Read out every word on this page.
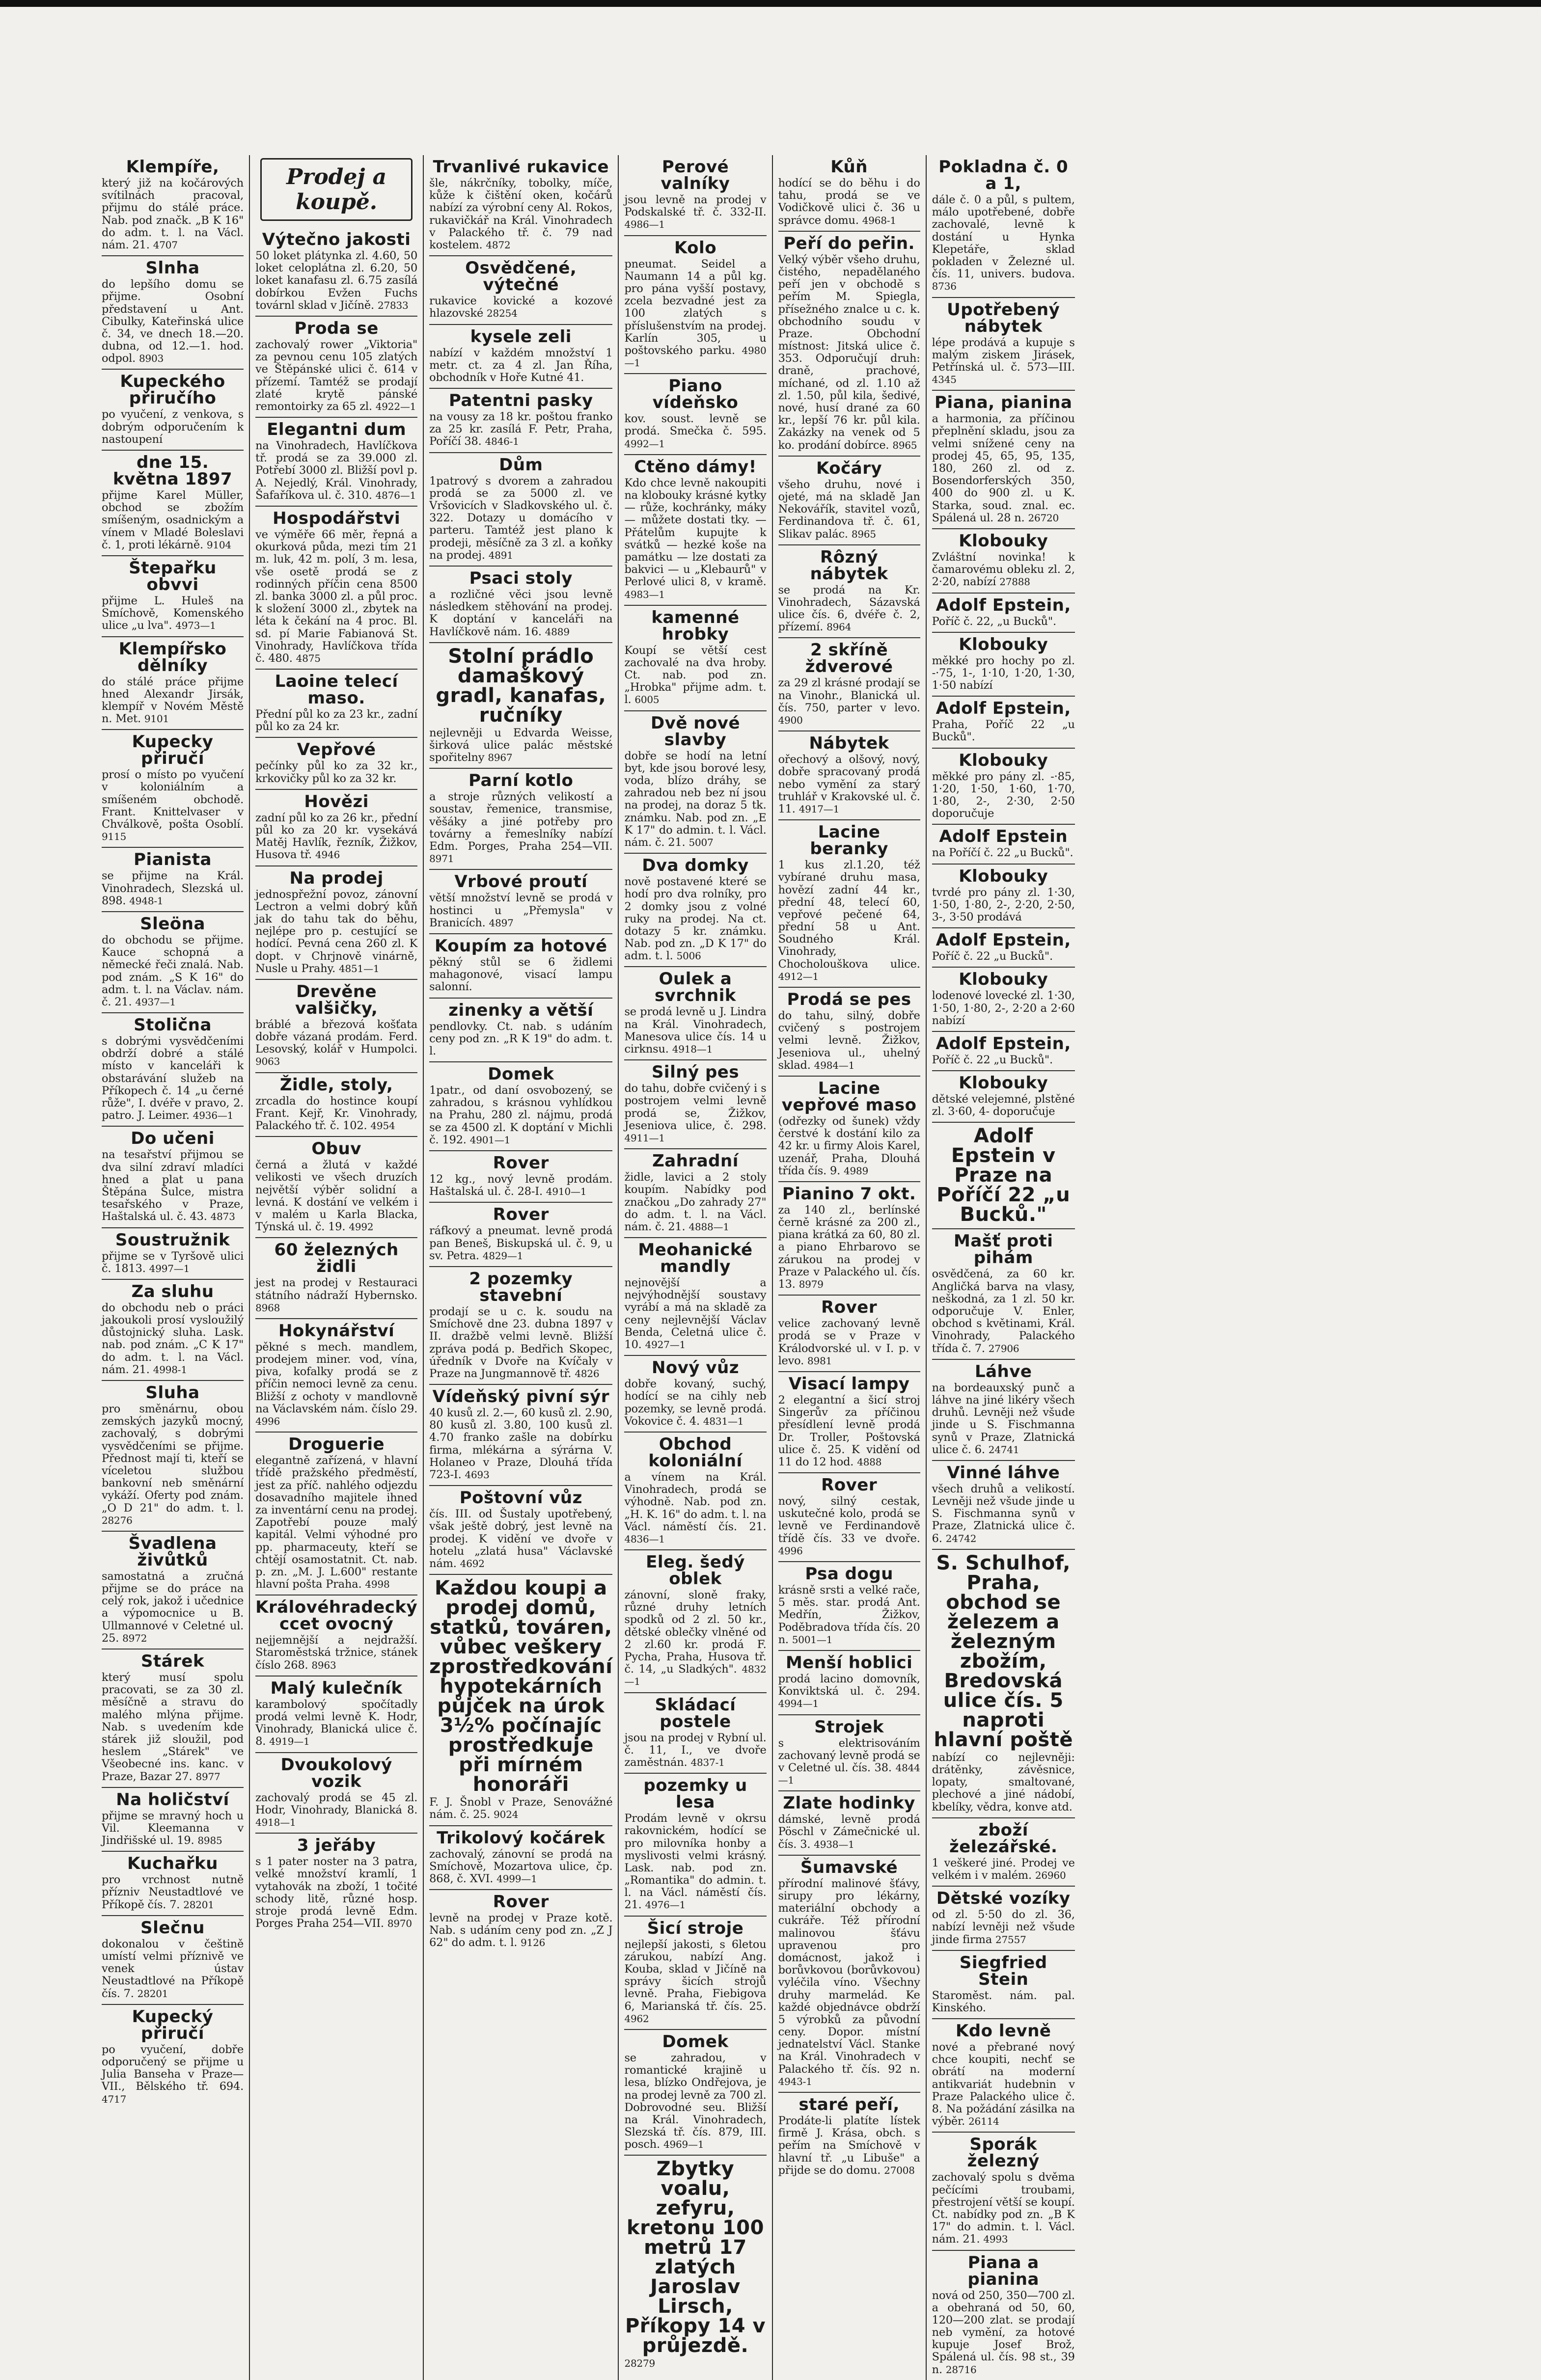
Klempíře,

který již na kočárových svítilnách pracoval, přijmu do stálé práce. Nab. pod značk. „B K 16" do adm. t. l. na Václ. nám. 21. 4707

Slnha

do lepšího domu se přijme. Osobní představení u Ant. Cibulky, Kateřinská ulice č. 34, ve dnech 18.—20. dubna, od 12.—1. hod. odpol. 8903

Kupeckého přiručího

po vyučení, z venkova, s dobrým odporučením k nastoupení

dne 15. května 1897

přijme Karel Müller, obchod se zbožím smíšeným, osadnickým a vínem v Mladé Boleslavi č. 1, proti lékárně. 9104

Štepařku obvvi

přijme L. Huleš na Smíchově, Komenského ulice „u lva". 4973—1

Klempířsko dělníky

do stálé práce přijme hned Alexandr Jirsák, klempíř v Novém Městě n. Met. 9101

Kupecky přiručí

prosí o místo po vyučení v koloniálním a smíšeném obchodě. Frant. Knittelvaser v Chválkově, pošta Osoblí. 9115

Pianista

se přijme na Král. Vinohradech, Slezská ul. 898. 4948-1

Sleöna

do obchodu se přijme. Kauce schopná a německé řeči znalá. Nab. pod znám. „S K 16" do adm. t. l. na Václav. nám. č. 21. 4937—1

Stolična

s dobrými vysvědčeními obdrží dobré a stálé místo v kanceláři k obstarávání služeb na Příkopech č. 14 „u černé růže", I. dvéře v pravo, 2. patro. J. Leimer. 4936—1

Do učeni

na tesařství přijmou se dva silní zdraví mladíci hned a plat u pana Štěpána Šulce, mistra tesařského v Praze, Haštalská ul. č. 43. 4873

Soustružnik

přijme se v Tyršově ulici č. 1813. 4997—1

Za sluhu

do obchodu neb o práci jakoukoli prosí vysloužilý důstojnický sluha. Lask. nab. pod znám. „C K 17" do adm. t. l. na Václ. nám. 21. 4998-1

Sluha

pro směnárnu, obou zemských jazyků mocný, zachovalý, s dobrými vysvědčeními se přijme. Přednost mají ti, kteří se víceletou službou bankovní neb směnární vykáží. Oferty pod znám. „O D 21" do adm. t. l. 28276

Švadlena živůtků

samostatná a zručná přijme se do práce na celý rok, jakož i učednice a výpomocnice u B. Ullmannové v Celetné ul. 25. 8972

Stárek

který musí spolu pracovati, se za 30 zl. měsíčně a stravu do malého mlýna přijme. Nab. s uvedením kde stárek již sloužil, pod heslem „Stárek" ve Všeobecné ins. kanc. v Praze, Bazar 27. 8977

Na holičství

přijme se mravný hoch u Vil. Kleemanna v Jindřišské ul. 19. 8985

Kuchařku

pro vrchnost nutně přízniv Neustadtlové ve Příkopě čís. 7. 28201

Slečnu

dokonalou v češtině umístí velmi příznivě ve venek ústav Neustadtlové na Příkopě čís. 7. 28201

Kupecký přiručí

po vyučení, dobře odporučený se přijme u Julia Banseha v Praze—VII., Bělského tř. 694. 4717

Prodej a koupě.
Výtečno jakosti

50 loket plátynka zl. 4.60, 50 loket celoplátna zl. 6.20, 50 loket kanafasu zl. 6.75 zasílá dobírkou Evžen Fuchs továrnl sklad v Jičíně. 27833

Proda se

zachovalý rower „Viktoria" za pevnou cenu 105 zlatých ve Štěpánské ulici č. 614 v přízemí. Tamtéž se prodají zlaté krytě pánské remontoirky za 65 zl. 4922—1

Elegantni dum

na Vinohradech, Havlíčkova tř. prodá se za 39.000 zl. Potřebí 3000 zl. Bližší povl p. A. Nejedlý, Král. Vinohrady, Šafaříkova ul. č. 310. 4876—1

Hospodářstvi

ve výměře 66 měr, řepná a okurková půda, mezi tím 21 m. luk, 42 m. polí, 3 m. lesa, vše osetě prodá se z rodinných příčin cena 8500 zl. banka 3000 zl. a půl proc. k složení 3000 zl., zbytek na léta k čekání na 4 proc. Bl. sd. pí Marie Fabianová St. Vinohrady, Havlíčkova třída č. 480. 4875

Laoine telecí maso.

Přední půl ko za 23 kr., zadní půl ko za 24 kr.

Vepřové

pečínky půl ko za 32 kr., krkovičky půl ko za 32 kr.

Hovězi

zadní půl ko za 26 kr., přední půl ko za 20 kr. vysekává Matěj Havlík, řezník, Žižkov, Husova tř. 4946

Na prodej

jednospřežní povoz, zánovní Lectron a velmi dobrý kůň jak do tahu tak do běhu, nejlépe pro p. cestující se hodící. Pevná cena 260 zl. K dopt. v Chrjnově vinárně, Nusle u Prahy. 4851—1

Drevěne valšičky,

bráblé a březová košťata dobře vázaná prodám. Ferd. Lesovský, kolář v Humpolci. 9063

Židle, stoly,

zrcadla do hostince koupí Frant. Kejř, Kr. Vinohrady, Palackého tř. č. 102. 4954

Obuv

černá a žlutá v každé velikosti ve všech druzích největší výběr solidní a levná. K dostání ve velkém i v malém u Karla Blacka, Týnská ul. č. 19. 4992

60 železných židli

jest na prodej v Restauraci státního nádraží Hybernsko. 8968

Hokynářství

pěkné s mech. mandlem, prodejem miner. vod, vína, piva, kofalky prodá se z příčin nemoci levně za cenu. Bližší z ochoty v mandlovně na Václavském nám. číslo 29. 4996

Droguerie

elegantně zařízená, v hlavní třídě pražského předměstí, jest za příč. nahlého odjezdu dosavadního majitele ihned za inventární cenu na prodej. Zapotřebí pouze malý kapitál. Velmi výhodné pro pp. pharmaceuty, kteří se chtějí osamostatnit. Ct. nab. p. zn. „M. J. L.600" restante hlavní pošta Praha. 4998

Královéhradecký ccet ovocný

nejjemnější a nejdražší. Staroměstská tržnice, stánek číslo 268. 8963

Malý kulečník

karambolový spočítadly prodá velmi levně K. Hodr, Vinohrady, Blanická ulice č. 8. 4919—1

Dvoukolový vozik

zachovalý prodá se 45 zl. Hodr, Vinohrady, Blanická 8. 4918—1

3 jeřáby

s 1 pater noster na 3 patra, velké množství kramlí, 1 vytahovák na zboží, 1 točité schody litě, různé hosp. stroje prodá levně Edm. Porges Praha 254—VII. 8970

Trvanlivé rukavice

šle, nákrčníky, tobolky, míče, kůže k čištění oken, kočárů nabízí za výrobní ceny Al. Rokos, rukavičkář na Král. Vinohradech v Palackého tř. č. 79 nad kostelem. 4872

Osvědčené, výtečné

rukavice kovické a kozové hlazovské 28254

kysele zeli

nabízí v každém množství 1 metr. ct. za 4 zl. Jan Říha, obchodník v Hoře Kutné 41.

Patentni pasky

na vousy za 18 kr. poštou franko za 25 kr. zasílá F. Petr, Praha, Poříčí 38. 4846-1

Dům

1patrový s dvorem a zahradou prodá se za 5000 zl. ve Vršovicích v Sladkovského ul. č. 322. Dotazy u domácího v parteru. Tamtéž jest plano k prodeji, měsíčně za 3 zl. a koňky na prodej. 4891

Psaci stoly

a rozličné věci jsou levně následkem stěhování na prodej. K doptání v kanceláři na Havlíčkově nám. 16. 4889

Stolní prádlo damaškový gradl, kanafas, ručníky

nejlevněji u Edvarda Weisse, širková ulice palác městské spořitelny 8967

Parní kotlo

a stroje různých velikostí a soustav, řemenice, transmise, věšáky a jiné potřeby pro továrny a řemeslníky nabízí Edm. Porges, Praha 254—VII. 8971

Vrbové proutí

větší množství levně se prodá v hostinci u „Přemysla" v Branicích. 4897

Koupím za hotové

pěkný stůl se 6 židlemi mahagonové, visací lampu salonní.

zinenky a větší

pendlovky. Ct. nab. s udáním ceny pod zn. „R K 19" do adm. t. l.

Domek

1patr., od daní osvobozený, se zahradou, s krásnou vyhlídkou na Prahu, 280 zl. nájmu, prodá se za 4500 zl. K doptání v Michli č. 192. 4901—1

Rover

12 kg., nový levně prodám. Haštalská ul. č. 28-I. 4910—1

Rover

ráfkový a pneumat. levně prodá pan Beneš, Biskupská ul. č. 9, u sv. Petra. 4829—1

2 pozemky stavební

prodají se u c. k. soudu na Smíchově dne 23. dubna 1897 v II. dražbě velmi levně. Bližší zpráva podá p. Bedřich Skopec, úředník v Dvoře na Kvíčaly v Praze na Jungmannově tř. 4826

Vídeňský pivní sýr

40 kusů zl. 2.—, 60 kusů zl. 2.90, 80 kusů zl. 3.80, 100 kusů zl. 4.70 franko zašle na dobírku firma, mlékárna a sýrárna V. Holaneo v Praze, Dlouhá třída 723-I. 4693

Poštovní vůz

čís. III. od Šustaly upotřebený, však ještě dobrý, jest levně na prodej. K vidění ve dvoře v hotelu „zlatá husa" Václavské nám. 4692

Každou koupi a prodej domů, statků, továren, vůbec veškery zprostředkování hypotekárních půjček na úrok 3½% počínajíc prostředkuje při mírném honoráři

F. J. Šnobl v Praze, Senovážné nám. č. 25. 9024

Trikolový kočárek

zachovalý, zánovní se prodá na Smíchově, Mozartova ulice, čp. 868, č. XVI. 4999—1

Rover

levně na prodej v Praze kotě. Nab. s udáním ceny pod zn. „Z J 62" do adm. t. l. 9126

Perové valníky

jsou levně na prodej v Podskalské tř. č. 332-II. 4986—1

Kolo

pneumat. Seidel a Naumann 14 a půl kg. pro pána vyšší postavy, zcela bezvadné jest za 100 zlatých s příslušenstvím na prodej. Karlín 305, u poštovského parku. 4980—1

Piano vídeňsko

kov. soust. levně se prodá. Smečka č. 595. 4992—1

Ctěno dámy!

Kdo chce levně nakoupiti na klobouky krásné kytky — růže, kochránky, máky — můžete dostati tky. — Přátelům kupujte k svátků — hezké koše na památku — lze dostati za bakvici — u „Klebaurů" v Perlové ulici 8, v kramě. 4983—1

kamenné hrobky

Koupí se větší cest zachovalé na dva hroby. Ct. nab. pod zn. „Hrobka" přijme adm. t. l. 6005

Dvě nové slavby

dobře se hodí na letní byt, kde jsou borové lesy, voda, blízo dráhy, se zahradou neb bez ní jsou na prodej, na doraz 5 tk. známku. Nab. pod zn. „E K 17" do admin. t. l. Václ. nám. č. 21. 5007

Dva domky

nově postavené které se hodí pro dva rolníky, pro 2 domky jsou z volné ruky na prodej. Na ct. dotazy 5 kr. známku. Nab. pod zn. „D K 17" do adm. t. l. 5006

Oulek a svrchnik

se prodá levně u J. Lindra na Král. Vinohradech, Manesova ulice čís. 14 u cirknsu. 4918—1

Silný pes

do tahu, dobře cvičený i s postrojem velmi levně prodá se, Žižkov, Jeseniova ulice, č. 298. 4911—1

Zahradní

židle, lavici a 2 stoly koupím. Nabídky pod značkou „Do zahrady 27" do adm. t. l. na Václ. nám. č. 21. 4888—1

Meohanické mandly

nejnovější a nejvýhodnější soustavy vyrábí a má na skladě za ceny nejlevnější Václav Benda, Celetná ulice č. 10. 4927—1

Nový vůz

dobře kovaný, suchý, hodící se na cihly neb pozemky, se levně prodá. Vokovice č. 4. 4831—1

Obchod koloniální

a vínem na Král. Vinohradech, prodá se výhodně. Nab. pod zn. „H. K. 16" do adm. t. l. na Václ. náměstí čís. 21. 4836—1

Eleg. šedý oblek

zánovní, sloně fraky, různé druhy letních spodků od 2 zl. 50 kr., dětské oblečky vlněné od 2 zl.60 kr. prodá F. Pycha, Praha, Husova tř. č. 14, „u Sladkých". 4832—1

Skládací postele

jsou na prodej v Rybní ul. č. 11, I., ve dvoře zaměstnán. 4837-1

pozemky u lesa

Prodám levně v okrsu rakovnickém, hodící se pro milovníka honby a myslivosti velmi krásný. Lask. nab. pod zn. „Romantika" do admin. t. l. na Václ. náměstí čís. 21. 4976—1

Šicí stroje

nejlepší jakosti, s 6letou zárukou, nabízí Ang. Kouba, sklad v Jičíně na správy šicích strojů levně. Praha, Fiebigova 6, Marianská tř. čís. 25. 4962

Domek

se zahradou, v romantické krajině u lesa, blízko Ondřejova, je na prodej levně za 700 zl. Dobrovodné seu. Bližší na Král. Vinohradech, Slezská tř. čís. 879, III. posch. 4969—1

Zbytky voalu, zefyru, kretonu 100 metrů 17 zlatých Jaroslav Lirsch, Příkopy 14 v průjezdě.

28279

Kůň

hodící se do běhu i do tahu, prodá se ve Vodičkově ulici č. 36 u správce domu. 4968-1

Peří do peřin.

Velký výběr všeho druhu, čistého, nepadělaného peří jen v obchodě s peřím M. Spiegla, přísežného znalce u c. k. obchodního soudu v Praze. Obchodní místnost: Jitská ulice č. 353. Odporučují druh: draně, prachové, míchané, od zl. 1.10 až zl. 1.50, půl kila, šedivé, nové, husí drané za 60 kr., lepší 76 kr. půl kila. Zakázky na venek od 5 ko. prodání dobírce. 8965

Kočáry

všeho druhu, nové i ojeté, má na skladě Jan Nekovářík, stavitel vozů, Ferdinandova tř. č. 61, Slikav palác. 8965

Rôzný nábytek

se prodá na Kr. Vinohradech, Sázavská ulice čís. 6, dvéře č. 2, přízemí. 8964

2 skříně ždverové

za 29 zl krásné prodají se na Vinohr., Blanická ul. čís. 750, parter v levo. 4900

Nábytek

ořechový a olšový, nový, dobře spracovaný prodá nebo vymění za starý truhlář v Krakovské ul. č. 11. 4917—1

Lacine beranky

1 kus zl.1.20, též vybírané druhu masa, hovězí zadní 44 kr., přední 48, telecí 60, vepřové pečené 64, přední 58 u Ant. Soudného Král. Vinohrady, Chocholouškova ulice. 4912—1

Prodá se pes

do tahu, silný, dobře cvičený s postrojem velmi levně. Žižkov, Jeseniova ul., uhelný sklad. 4984—1

Lacine vepřové maso

(odřezky od šunek) vždy čerstvé k dostání kilo za 42 kr. u firmy Alois Karel, uzenář, Praha, Dlouhá třída čís. 9. 4989

Pianino 7 okt.

za 140 zl., berlínské černě krásné za 200 zl., piana krátká za 60, 80 zl. a piano Ehrbarovo se zárukou na prodej v Praze v Palackého ul. čís. 13. 8979

Rover

velice zachovaný levně prodá se v Praze v Králodvorské ul. v I. p. v levo. 8981

Visací lampy

2 elegantní a šicí stroj Singerův za příčinou přesídlení levně prodá Dr. Troller, Poštovská ulice č. 25. K vidění od 11 do 12 hod. 4888

Rover

nový, silný cestak, uskutečné kolo, prodá se levně ve Ferdinandově třídě čís. 33 ve dvoře. 4996

Psa dogu

krásně srsti a velké rače, 5 měs. star. prodá Ant. Medřín, Žižkov, Poděbradova třída čís. 20 n. 5001—1

Menší hoblici

prodá lacino domovník, Konviktská ul. č. 294. 4994—1

Strojek

s elektrisováním zachovaný levně prodá se v Celetné ul. čís. 38. 4844—1

Zlate hodinky

dámské, levně prodá Pöschl v Zámečnické ul. čís. 3. 4938—1

Šumavské

přírodní malinové šťávy, sirupy pro lékárny, materiální obchody a cukráře. Též přírodní malinovou šťávu upravenou pro domácnost, jakož i borůvkovou (borůvkovou) vyléčila víno. Všechny druhy marmelád. Ke každé objednávce obdrží 5 výrobků za původní ceny. Dopor. místní jednatelství Václ. Stanke na Král. Vinohradech v Palackého tř. čís. 92 n. 4943-1

staré peří,

Prodáte-li platíte lístek firmě J. Krása, obch. s peřím na Smíchově v hlavní tř. „u Libuše" a přijde se do domu. 27008

Pokladna č. 0 a 1,

dále č. 0 a půl, s pultem, málo upotřebené, dobře zachovalé, levně k dostání u Hynka Klepetáře, sklad pokladen v Železné ul. čís. 11, univers. budova. 8736

Upotřebený nábytek

lépe prodává a kupuje s malým ziskem Jirásek, Petřínská ul. č. 573—III. 4345

Piana, pianina

a harmonia, za příčinou přeplnění skladu, jsou za velmi snížené ceny na prodej 45, 65, 95, 135, 180, 260 zl. od z. Bosendorferských 350, 400 do 900 zl. u K. Starka, soud. znal. ec. Spálená ul. 28 n. 26720

Klobouky

Zvláštní novinka! k čamarovému obleku zl. 2, 2·20, nabízí 27888

Adolf Epstein,

Poříč č. 22, „u Bucků".

Klobouky

měkké pro hochy po zl. -·75, 1-, 1·10, 1·20, 1·30, 1·50 nabízí

Adolf Epstein,

Praha, Poříč 22 „u Bucků".

Klobouky

měkké pro pány zl. -·85, 1·20, 1·50, 1·60, 1·70, 1·80, 2-, 2·30, 2·50 doporučuje

Adolf Epstein

na Poříčí č. 22 „u Bucků".

Klobouky

tvrdé pro pány zl. 1·30, 1·50, 1·80, 2-, 2·20, 2·50, 3-, 3·50 prodává

Adolf Epstein,

Poříč č. 22 „u Bucků".

Klobouky

lodenové lovecké zl. 1·30, 1·50, 1·80, 2-, 2·20 a 2·60 nabízí

Adolf Epstein,

Poříč č. 22 „u Bucků".

Klobouky

dětské velejemné, plstěné zl. 3·60, 4- doporučuje

Adolf Epstein v Praze na Poříčí 22 „u Bucků."
Mašť proti pihám

osvědčená, za 60 kr. Angličká barva na vlasy, neškodná, za 1 zl. 50 kr. odporučuje V. Enler, obchod s květinami, Král. Vinohrady, Palackého třída č. 7. 27906

Láhve

na bordeauxský punč a láhve na jiné likéry všech druhů. Levněji než všude jinde u S. Fischmanna synů v Praze, Zlatnická ulice č. 6. 24741

Vinné láhve

všech druhů a velikostí. Levněji než všude jinde u S. Fischmanna synů v Praze, Zlatnická ulice č. 6. 24742

S. Schulhof, Praha, obchod se železem a železným zbožím, Bredovská ulice čís. 5 naproti hlavní poště

nabízí co nejlevněji: drátěnky, závěsnice, lopaty, smaltované, plechové a jiné nádobí, kbelíky, vědra, konve atd.

zboží železářské.

1 veškeré jiné. Prodej ve velkém i v malém. 26960

Dětské vozíky

od zl. 5·50 do zl. 36, nabízí levněji než všude jinde firma 27557

Siegfried Stein

Staroměst. nám. pal. Kinského.

Kdo levně

nové a přebrané nový chce koupiti, nechť se obrátí na moderní antikvariát hudebnin v Praze Palackého ulice č. 8. Na požádání zásilka na výběr. 26114

Sporák železný

zachovalý spolu s dvěma pečícími troubami, přestrojení větší se koupí. Ct. nabídky pod zn. „B K 17" do admin. t. l. Václ. nám. 21. 4993

Piana a pianina

nová od 250, 350—700 zl. a obehraná od 50, 60, 120—200 zlat. se prodají neb vymění, za hotové kupuje Josef Brož, Spálená ul. čís. 98 st., 39 n. 28716
